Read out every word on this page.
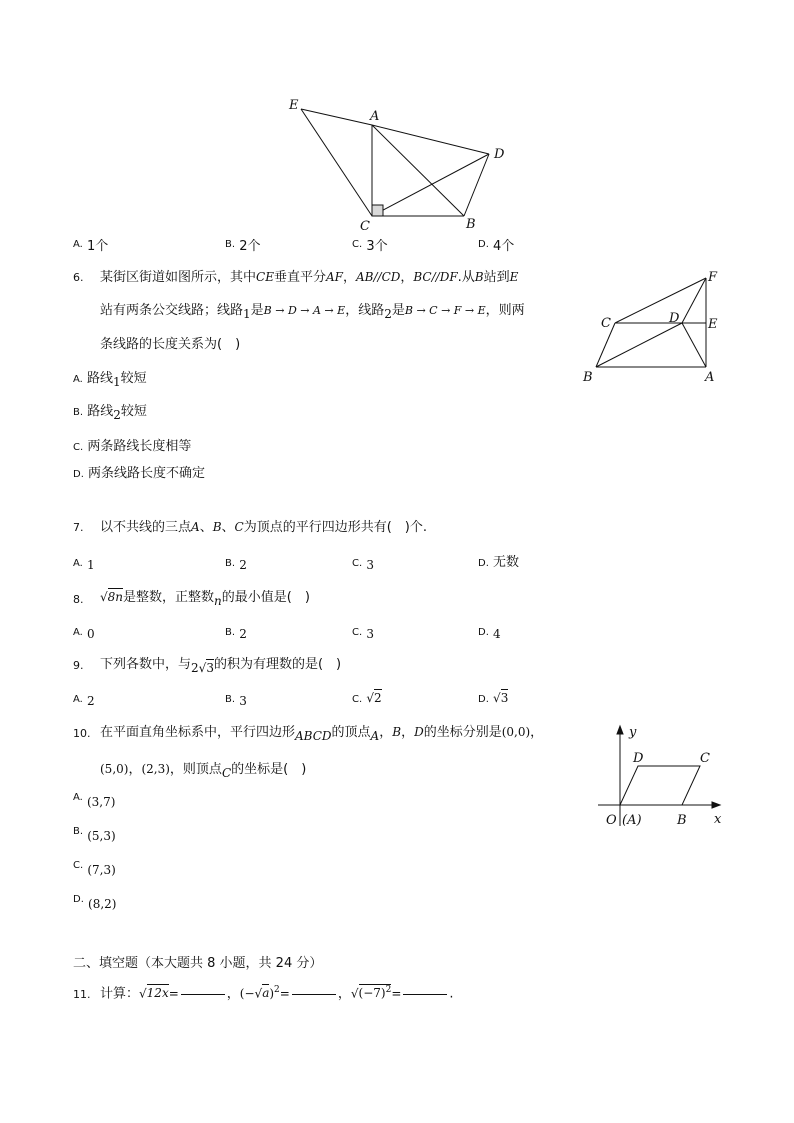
E
A
D
C	B
A. 1个	B. 2个	C. 3个	D. 4个
6. 某街区街道如图所示，其中CE垂直平分AF，AB//CD，BC//DF.从B站到E
站有两条公交线路；线路1是B → D → A → E，线路2是B → C → F → E，则两
条线路的长度关系为(　)
A. 路线1较短
B. 路线2较短
C. 两条路线长度相等
D. 两条线路长度不确定
F
C	D E
B	A
7. 以不共线的三点A、B、C为顶点的平行四边形共有(　)个.
A. 1	B. 2	C. 3	D. 无数
8. √8n是整数，正整数n的最小值是(　)
A. 0	B. 2	C. 3	D. 4
9. 下列各数中，与2√3的积为有理数的是(　)
A. 2	B. 3	C. √2	D. √3
10. 在平面直角坐标系中，平行四边形ABCD的顶点A，B，D的坐标分别是(0,0)，
(5,0)，(2,3)，则顶点C的坐标是(　)
$^{A.}$ (3,7)
$^{B.}$ (5,3)
$^{C.}$ (7,3)
$^{D.}$ (8,2)
y
x
O (A)	B
C
D
二、填空题（本大题共 8 小题，共 24 分）
11. 计算：√12x=	，$(-√a)^2=$	，$√(-7)^2=$	.
